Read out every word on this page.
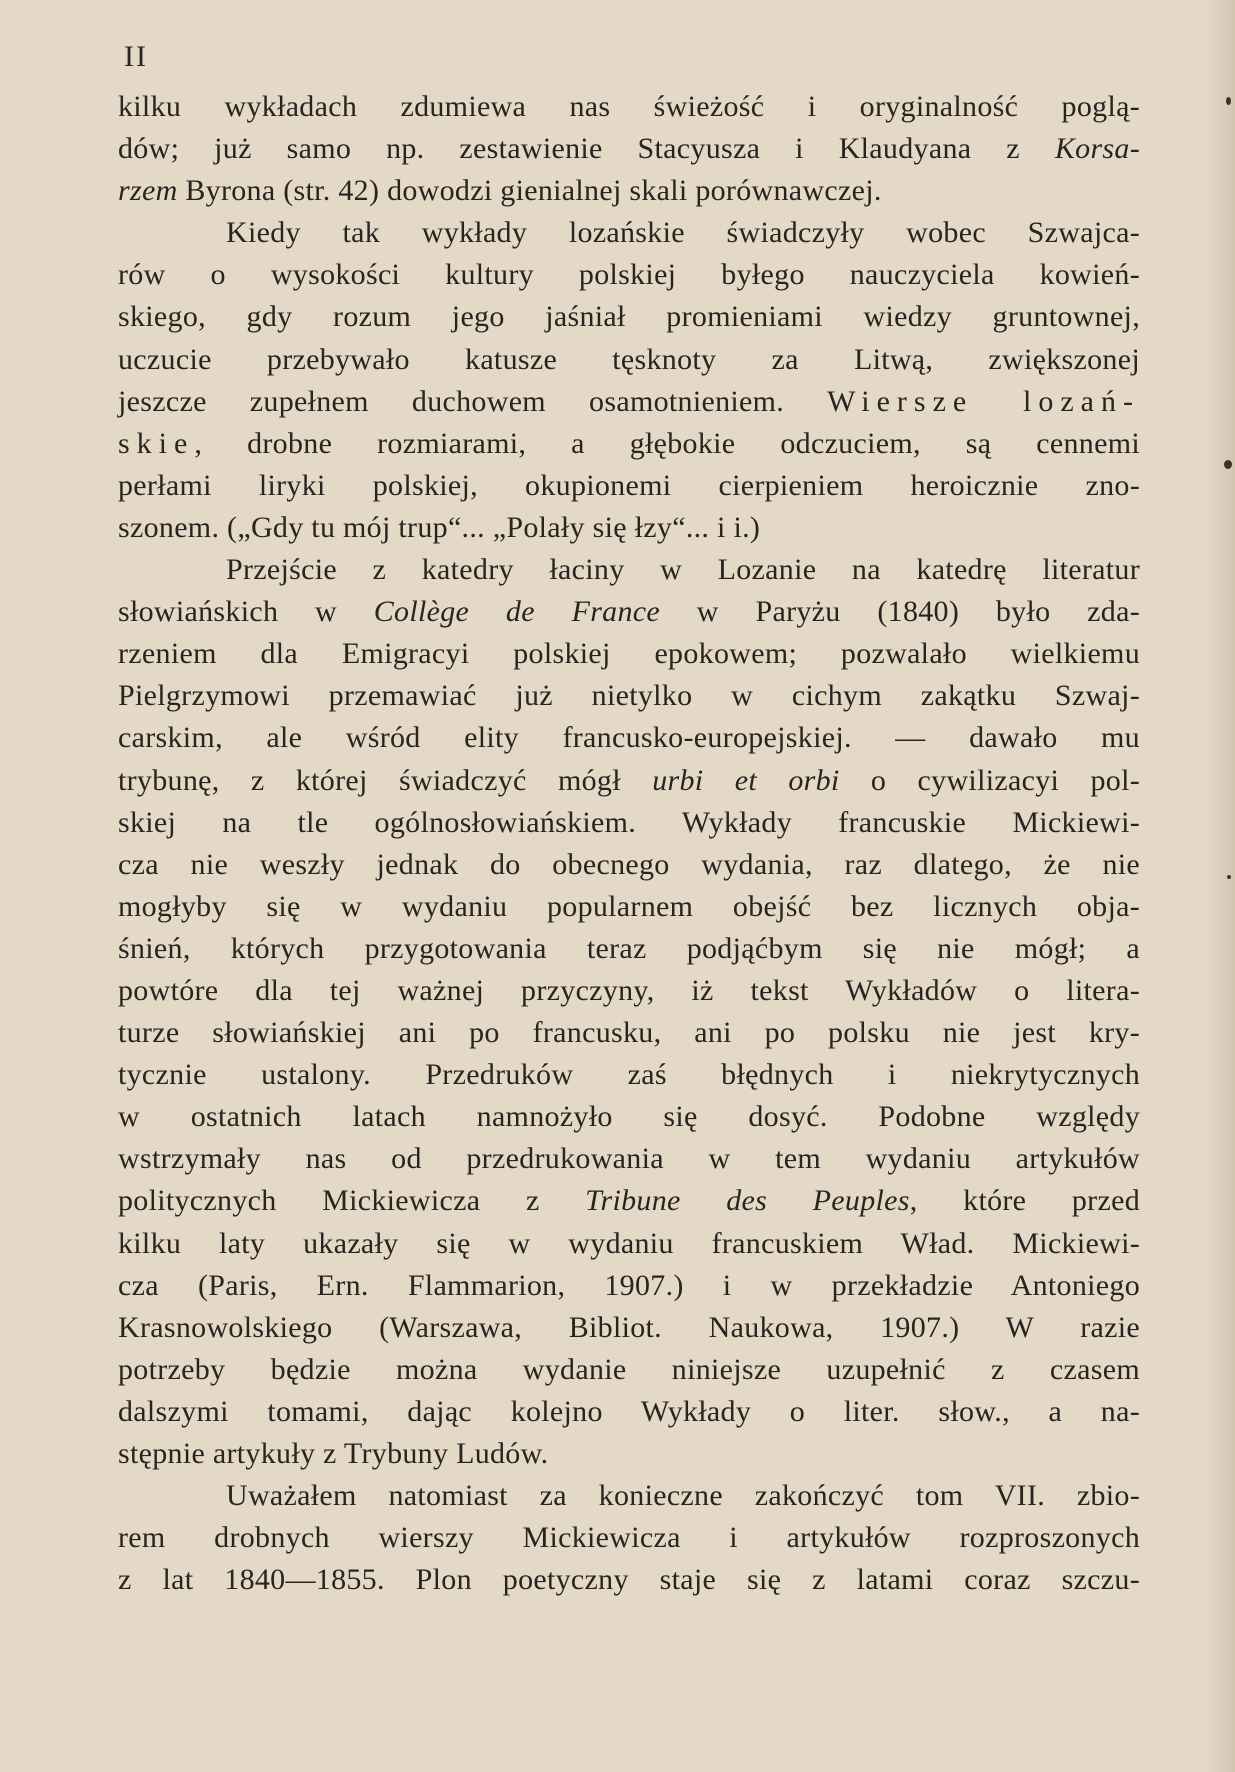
II
kilku wykładach zdumiewa nas świeżość i oryginalność poglą-
dów; już samo np. zestawienie Stacyusza i Klaudyana z Korsa-
rzem Byrona (str. 42) dowodzi gienialnej skali porównawczej.
Kiedy tak wykłady lozańskie świadczyły wobec Szwajca-
rów o wysokości kultury polskiej byłego nauczyciela kowień-
skiego, gdy rozum jego jaśniał promieniami wiedzy gruntownej,
uczucie przebywało katusze tęsknoty za Litwą, zwiększonej
jeszcze zupełnem duchowem osamotnieniem. Wiersze lozań-
skie, drobne rozmiarami, a głębokie odczuciem, są cennemi
perłami liryki polskiej, okupionemi cierpieniem heroicznie zno-
szonem. („Gdy tu mój trup“... „Polały się łzy“... i i.)
Przejście z katedry łaciny w Lozanie na katedrę literatur
słowiańskich w Collège de France w Paryżu (1840) było zda-
rzeniem dla Emigracyi polskiej epokowem; pozwalało wielkiemu
Pielgrzymowi przemawiać już nietylko w cichym zakątku Szwaj-
carskim, ale wśród elity francusko-europejskiej. — dawało mu
trybunę, z której świadczyć mógł urbi et orbi o cywilizacyi pol-
skiej na tle ogólnosłowiańskiem. Wykłady francuskie Mickiewi-
cza nie weszły jednak do obecnego wydania, raz dlatego, że nie
mogłyby się w wydaniu popularnem obejść bez licznych obja-
śnień, których przygotowania teraz podjąćbym się nie mógł; a
powtóre dla tej ważnej przyczyny, iż tekst Wykładów o litera-
turze słowiańskiej ani po francusku, ani po polsku nie jest kry-
tycznie ustalony. Przedruków zaś błędnych i niekrytycznych
w ostatnich latach namnożyło się dosyć. Podobne względy
wstrzymały nas od przedrukowania w tem wydaniu artykułów
politycznych Mickiewicza z Tribune des Peuples, które przed
kilku laty ukazały się w wydaniu francuskiem Wład. Mickiewi-
cza (Paris, Ern. Flammarion, 1907.) i w przekładzie Antoniego
Krasnowolskiego (Warszawa, Bibliot. Naukowa, 1907.) W razie
potrzeby będzie można wydanie niniejsze uzupełnić z czasem
dalszymi tomami, dając kolejno Wykłady o liter. słow., a na-
stępnie artykuły z Trybuny Ludów.
Uważałem natomiast za konieczne zakończyć tom VII. zbio-
rem drobnych wierszy Mickiewicza i artykułów rozproszonych
z lat 1840—1855. Plon poetyczny staje się z latami coraz szczu-
